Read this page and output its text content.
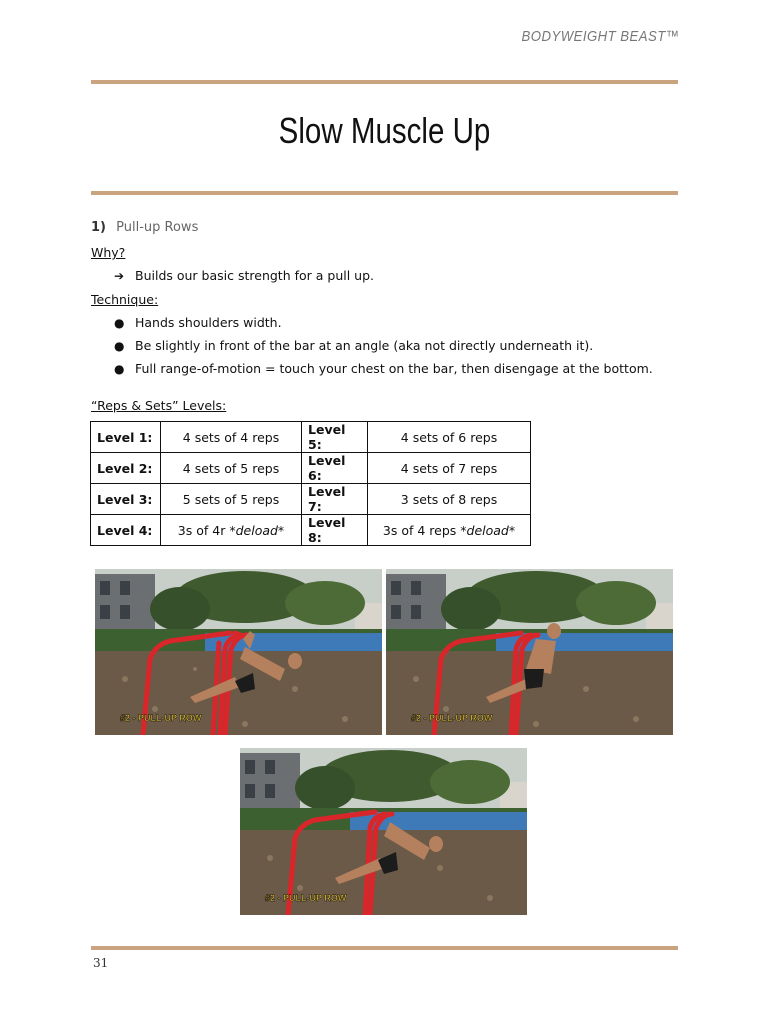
BODYWEIGHT BEAST™
Slow Muscle Up
1) Pull-up Rows
Why?
➔ Builds our basic strength for a pull up.
Technique:
● Hands shoulders width.
● Be slightly in front of the bar at an angle (aka not directly underneath it).
● Full range-of-motion = touch your chest on the bar, then disengage at the bottom.
“Reps & Sets” Levels:
Level 1:	4 sets of 4 reps	Level 5:	4 sets of 6 reps
Level 2:	4 sets of 5 reps	Level 6:	4 sets of 7 reps
Level 3:	5 sets of 5 reps	Level 7:	3 sets of 8 reps
Level 4:	3s of 4r *deload*	Level 8:	3s of 4 reps *deload*
#2 - PULL-UP ROW	#2 - PULL-UP ROW
#2 - PULL-UP ROW
31
